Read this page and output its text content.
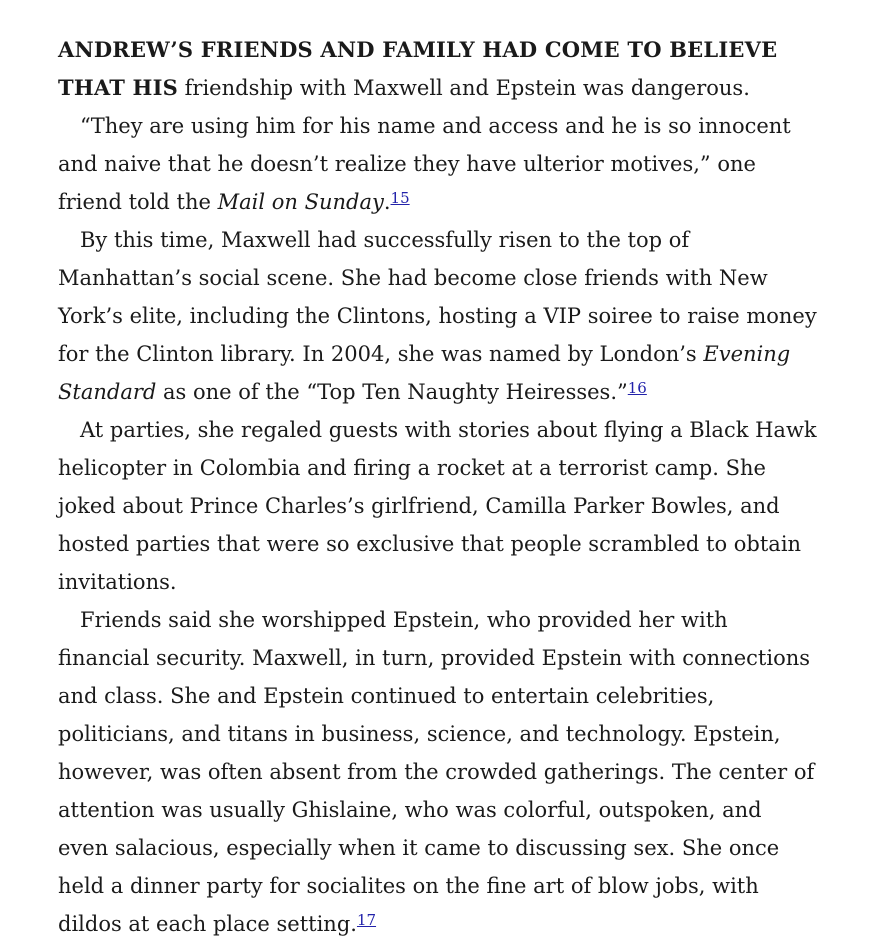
ANDREW’S FRIENDS AND FAMILY HAD COME TO BELIEVE THAT HIS friendship with Maxwell and Epstein was dangerous.

“They are using him for his name and access and he is so innocent and naive that he doesn’t realize they have ulterior motives,” one friend told the Mail on Sunday.$^{15}$

By this time, Maxwell had successfully risen to the top of Manhattan’s social scene. She had become close friends with New York’s elite, including the Clintons, hosting a VIP soiree to raise money for the Clinton library. In 2004, she was named by London’s Evening Standard as one of the “Top Ten Naughty Heiresses.”$^{16}$

At parties, she regaled guests with stories about flying a Black Hawk helicopter in Colombia and firing a rocket at a terrorist camp. She joked about Prince Charles’s girlfriend, Camilla Parker Bowles, and hosted parties that were so exclusive that people scrambled to obtain invitations.

Friends said she worshipped Epstein, who provided her with financial security. Maxwell, in turn, provided Epstein with connections and class. She and Epstein continued to entertain celebrities, politicians, and titans in business, science, and technology. Epstein, however, was often absent from the crowded gatherings. The center of attention was usually Ghislaine, who was colorful, outspoken, and even salacious, especially when it came to discussing sex. She once held a dinner party for socialites on the fine art of blow jobs, with dildos at each place setting.$^{17}$
